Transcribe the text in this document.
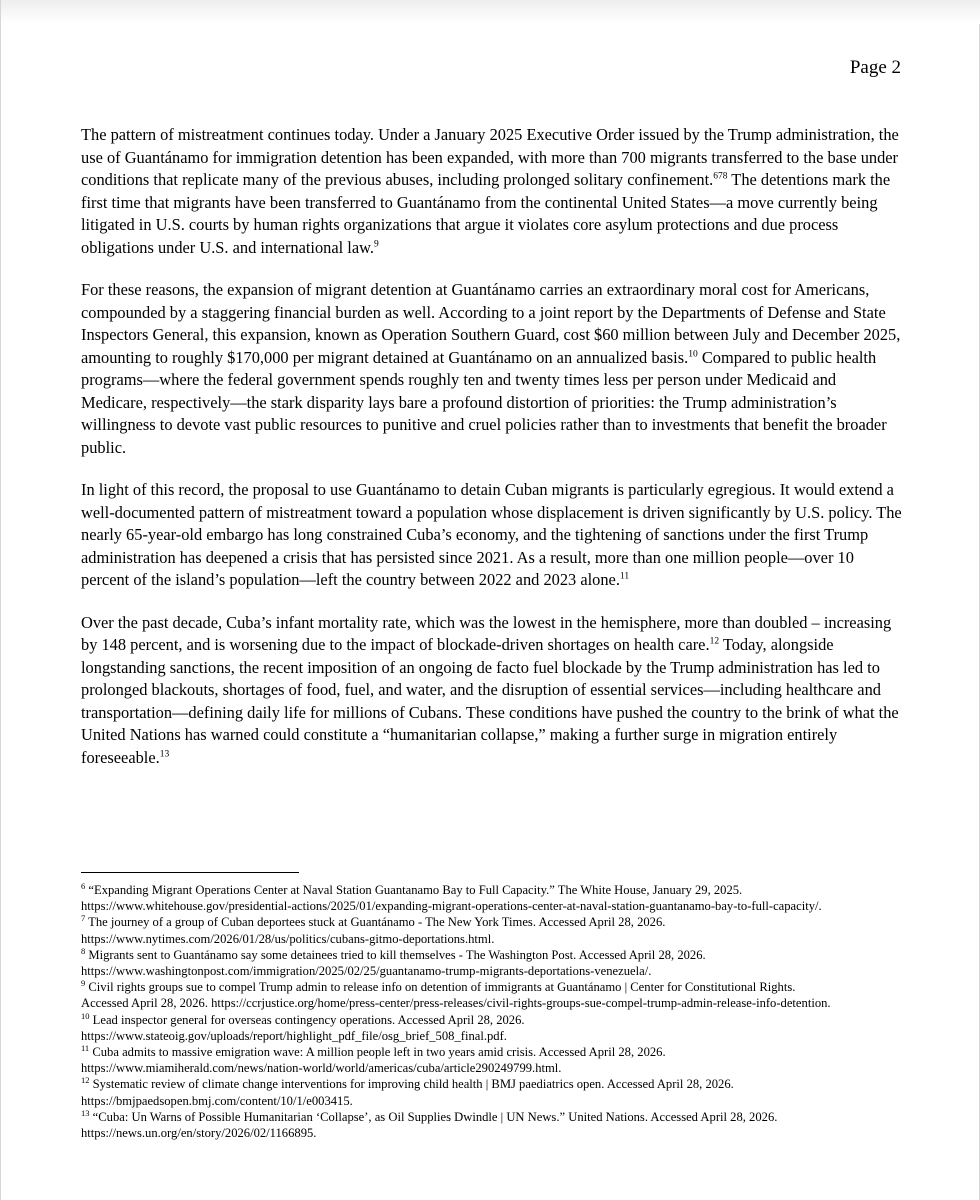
Page 2

The pattern of mistreatment continues today. Under a January 2025 Executive Order issued by the Trump administration, the use of Guantánamo for immigration detention has been expanded, with more than 700 migrants transferred to the base under conditions that replicate many of the previous abuses, including prolonged solitary confinement.$^{678}$ The detentions mark the first time that migrants have been transferred to Guantánamo from the continental United States—a move currently being litigated in U.S. courts by human rights organizations that argue it violates core asylum protections and due process obligations under U.S. and international law.$^9$

For these reasons, the expansion of migrant detention at Guantánamo carries an extraordinary moral cost for Americans, compounded by a staggering financial burden as well. According to a joint report by the Departments of Defense and State Inspectors General, this expansion, known as Operation Southern Guard, cost $60 million between July and December 2025, amounting to roughly $170,000 per migrant detained at Guantánamo on an annualized basis.$^{10}$ Compared to public health programs—where the federal government spends roughly ten and twenty times less per person under Medicaid and Medicare, respectively—the stark disparity lays bare a profound distortion of priorities: the Trump administration’s willingness to devote vast public resources to punitive and cruel policies rather than to investments that benefit the broader public.

In light of this record, the proposal to use Guantánamo to detain Cuban migrants is particularly egregious. It would extend a well-documented pattern of mistreatment toward a population whose displacement is driven significantly by U.S. policy. The nearly 65-year-old embargo has long constrained Cuba’s economy, and the tightening of sanctions under the first Trump administration has deepened a crisis that has persisted since 2021. As a result, more than one million people—over 10 percent of the island’s population—left the country between 2022 and 2023 alone.$^{11}$

Over the past decade, Cuba’s infant mortality rate, which was the lowest in the hemisphere, more than doubled – increasing by 148 percent, and is worsening due to the impact of blockade-driven shortages on health care.$^{12}$ Today, alongside longstanding sanctions, the recent imposition of an ongoing de facto fuel blockade by the Trump administration has led to prolonged blackouts, shortages of food, fuel, and water, and the disruption of essential services—including healthcare and transportation—defining daily life for millions of Cubans. These conditions have pushed the country to the brink of what the United Nations has warned could constitute a “humanitarian collapse,” making a further surge in migration entirely foreseeable.$^{13}$

$^6$ “Expanding Migrant Operations Center at Naval Station Guantanamo Bay to Full Capacity.” The White House, January 29, 2025.
https://www.whitehouse.gov/presidential-actions/2025/01/expanding-migrant-operations-center-at-naval-station-guantanamo-bay-to-full-capacity/.
$^7$ The journey of a group of Cuban deportees stuck at Guantánamo - The New York Times. Accessed April 28, 2026.
https://www.nytimes.com/2026/01/28/us/politics/cubans-gitmo-deportations.html.
$^8$ Migrants sent to Guantánamo say some detainees tried to kill themselves - The Washington Post. Accessed April 28, 2026.
https://www.washingtonpost.com/immigration/2025/02/25/guantanamo-trump-migrants-deportations-venezuela/.
$^9$ Civil rights groups sue to compel Trump admin to release info on detention of immigrants at Guantánamo | Center for Constitutional Rights.
Accessed April 28, 2026. https://ccrjustice.org/home/press-center/press-releases/civil-rights-groups-sue-compel-trump-admin-release-info-detention.
$^{10}$ Lead inspector general for overseas contingency operations. Accessed April 28, 2026.
https://www.stateoig.gov/uploads/report/highlight_pdf_file/osg_brief_508_final.pdf.
$^{11}$ Cuba admits to massive emigration wave: A million people left in two years amid crisis. Accessed April 28, 2026.
https://www.miamiherald.com/news/nation-world/world/americas/cuba/article290249799.html.
$^{12}$ Systematic review of climate change interventions for improving child health | BMJ paediatrics open. Accessed April 28, 2026.
https://bmjpaedsopen.bmj.com/content/10/1/e003415.
$^{13}$ “Cuba: Un Warns of Possible Humanitarian ‘Collapse’, as Oil Supplies Dwindle | UN News.” United Nations. Accessed April 28, 2026.
https://news.un.org/en/story/2026/02/1166895.
